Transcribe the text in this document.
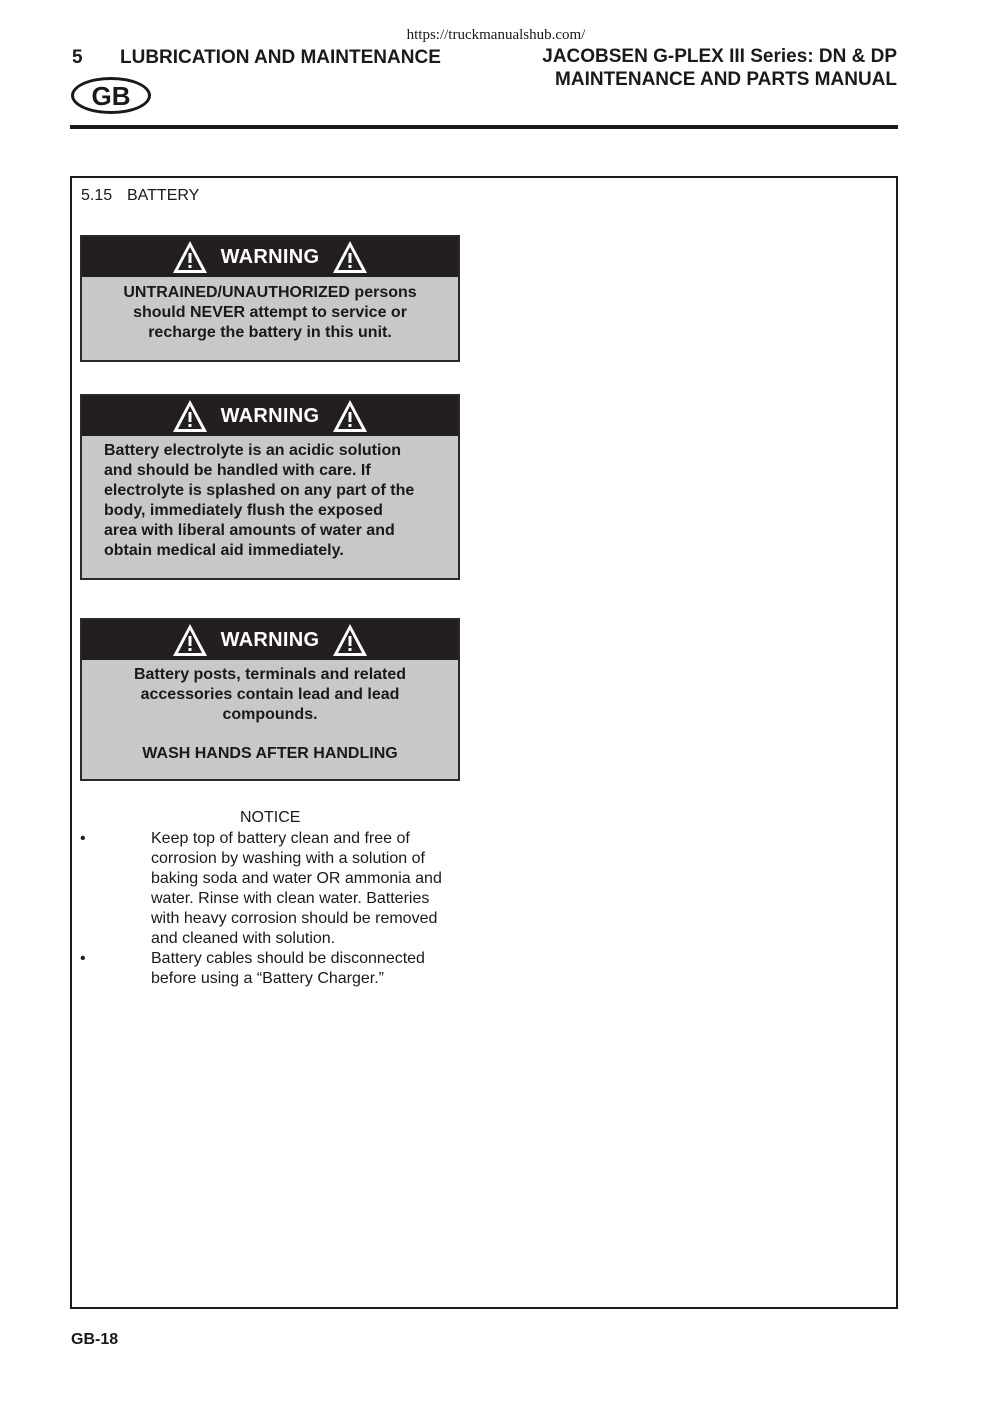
https://truckmanualshub.com/
5 LUBRICATION AND MAINTENANCE	JACOBSEN G-PLEX III Series: DN & DP
MAINTENANCE AND PARTS MANUAL
GB
5.15 BATTERY
WARNING
UNTRAINED/UNAUTHORIZED persons
should NEVER attempt to service or
recharge the battery in this unit.
WARNING
Battery electrolyte is an acidic solution
and should be handled with care. If
electrolyte is splashed on any part of the
body, immediately flush the exposed
area with liberal amounts of water and
obtain medical aid immediately.
WARNING
Battery posts, terminals and related
accessories contain lead and lead
compounds.
WASH HANDS AFTER HANDLING
NOTICE
•	Keep top of battery clean and free of
corrosion by washing with a solution of
baking soda and water OR ammonia and
water. Rinse with clean water. Batteries
with heavy corrosion should be removed
and cleaned with solution.
•	Battery cables should be disconnected
before using a “Battery Charger.”
GB-18
